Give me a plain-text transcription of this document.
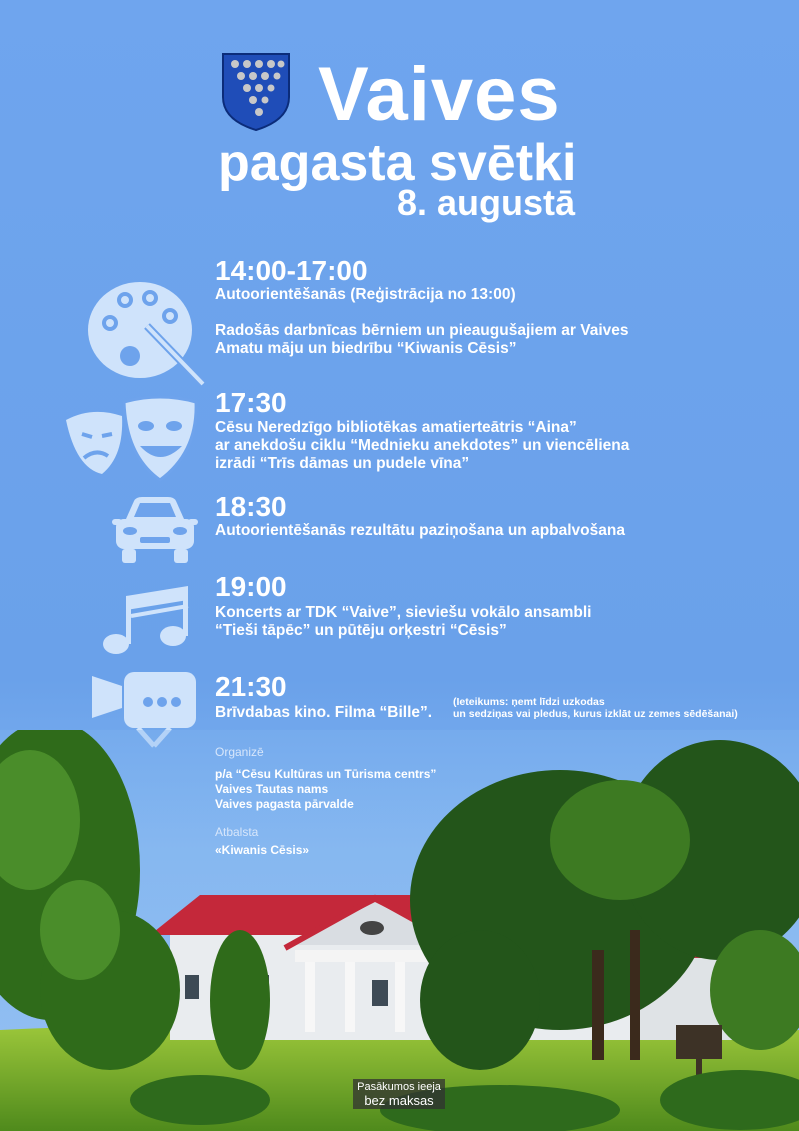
Vaives
pagasta svētki
8. augustā
14:00-17:00
Autoorientēšanās (Reģistrācija no 13:00)
Radošās darbnīcas bērniem un pieaugušajiem ar Vaives
Amatu māju un biedrību “Kiwanis Cēsis”
17:30
Cēsu Neredzīgo bibliotēkas amatierteātris “Aina”
ar anekdošu ciklu “Mednieku anekdotes” un viencēliena
izrādi “Trīs dāmas un pudele vīna”
18:30
Autoorientēšanās rezultātu paziņošana un apbalvošana
19:00
Koncerts ar TDK “Vaive”, sieviešu vokālo ansambli
“Tieši tāpēc” un pūtēju orķestri “Cēsis”
21:30
Brīvdabas kino. Filma “Bille”.
(Ieteikums: ņemt līdzi uzkodas
un sedziņas vai pledus, kurus izklāt uz zemes sēdēšanai)
Organizē
p/a “Cēsu Kultūras un Tūrisma centrs”
Vaives Tautas nams
Vaives pagasta pārvalde
Atbalsta
«Kiwanis Cēsis»
Pasākumos ieeja
bez maksas
